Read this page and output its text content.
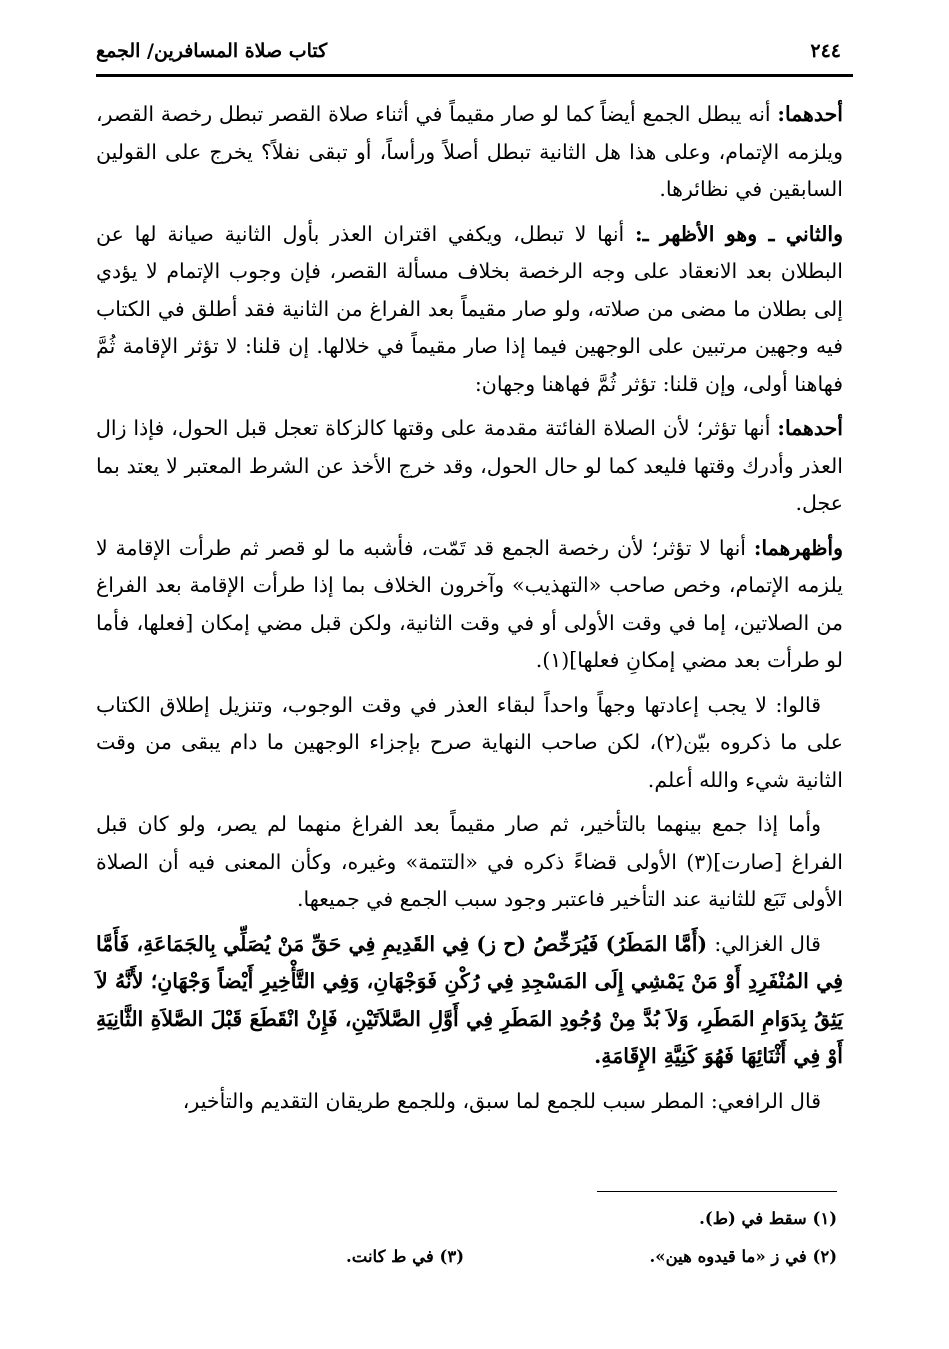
٢٤٤
كتاب صلاة المسافرين/ الجمع

أحدهما: أنه يبطل الجمع أيضاً كما لو صار مقيماً في أثناء صلاة القصر تبطل رخصة القصر، ويلزمه الإتمام، وعلى هذا هل الثانية تبطل أصلاً ورأساً، أو تبقى نفلاً؟ يخرج على القولين السابقين في نظائرها.

والثاني ـ وهو الأظهر ـ: أنها لا تبطل، ويكفي اقتران العذر بأول الثانية صيانة لها عن البطلان بعد الانعقاد على وجه الرخصة بخلاف مسألة القصر، فإن وجوب الإتمام لا يؤدي إلى بطلان ما مضى من صلاته، ولو صار مقيماً بعد الفراغ من الثانية فقد أطلق في الكتاب فيه وجهين مرتبين على الوجهين فيما إذا صار مقيماً في خلالها. إن قلنا: لا تؤثر الإقامة ثُمَّ فهاهنا أولى، وإن قلنا: تؤثر ثُمَّ فهاهنا وجهان:

أحدهما: أنها تؤثر؛ لأن الصلاة الفائتة مقدمة على وقتها كالزكاة تعجل قبل الحول، فإذا زال العذر وأدرك وقتها فليعد كما لو حال الحول، وقد خرج الأخذ عن الشرط المعتبر لا يعتد بما عجل.

وأظهرهما: أنها لا تؤثر؛ لأن رخصة الجمع قد تَمّت، فأشبه ما لو قصر ثم طرأت الإقامة لا يلزمه الإتمام، وخص صاحب «التهذيب» وآخرون الخلاف بما إذا طرأت الإقامة بعد الفراغ من الصلاتين، إما في وقت الأولى أو في وقت الثانية، ولكن قبل مضي إمكان [فعلها، فأما لو طرأت بعد مضي إمكانِ فعلها](١).

قالوا: لا يجب إعادتها وجهاً واحداً لبقاء العذر في وقت الوجوب، وتنزيل إطلاق الكتاب على ما ذكروه بيّن(٢)، لكن صاحب النهاية صرح بإجزاء الوجهين ما دام يبقى من وقت الثانية شيء والله أعلم.

وأما إذا جمع بينهما بالتأخير، ثم صار مقيماً بعد الفراغ منهما لم يصر، ولو كان قبل الفراغ [صارت](٣) الأولى قضاءً ذكره في «التتمة» وغيره، وكأن المعنى فيه أن الصلاة الأولى تَبَع للثانية عند التأخير فاعتبر وجود سبب الجمع في جميعها.

قال الغزالي: (أَمَّا المَطَرُ) فَيُرَخِّصُ (ح ز) فِي القَدِيمِ فِي حَقِّ مَنْ يُصَلِّي بِالجَمَاعَةِ، فَأَمَّا فِي المُنْفَرِدِ أَوْ مَنْ يَمْشِي إِلَى المَسْجِدِ فِي رُكْنِ فَوَجْهَانِ، وَفِي التَّأْخِيرِ أَيْضاً وَجْهَانِ؛ لأَنَّهُ لاَ يَثِقُ بِدَوَامِ المَطَرِ، وَلاَ بُدَّ مِنْ وُجُودِ المَطَرِ فِي أَوَّلِ الصَّلاَتَيْنِ، فَإِنْ انْقَطَعَ قَبْلَ الصَّلاَةِ الثَّانِيَةِ أَوْ فِي أَثْنَائِهَا فَهُوَ كَنِيَّةِ الإِقَامَةِ.

قال الرافعي: المطر سبب للجمع لما سبق، وللجمع طريقان التقديم والتأخير،

(١) سقط في (ط).
(٢) في ز «ما قيدوه هين».
(٣) في ط كانت.
